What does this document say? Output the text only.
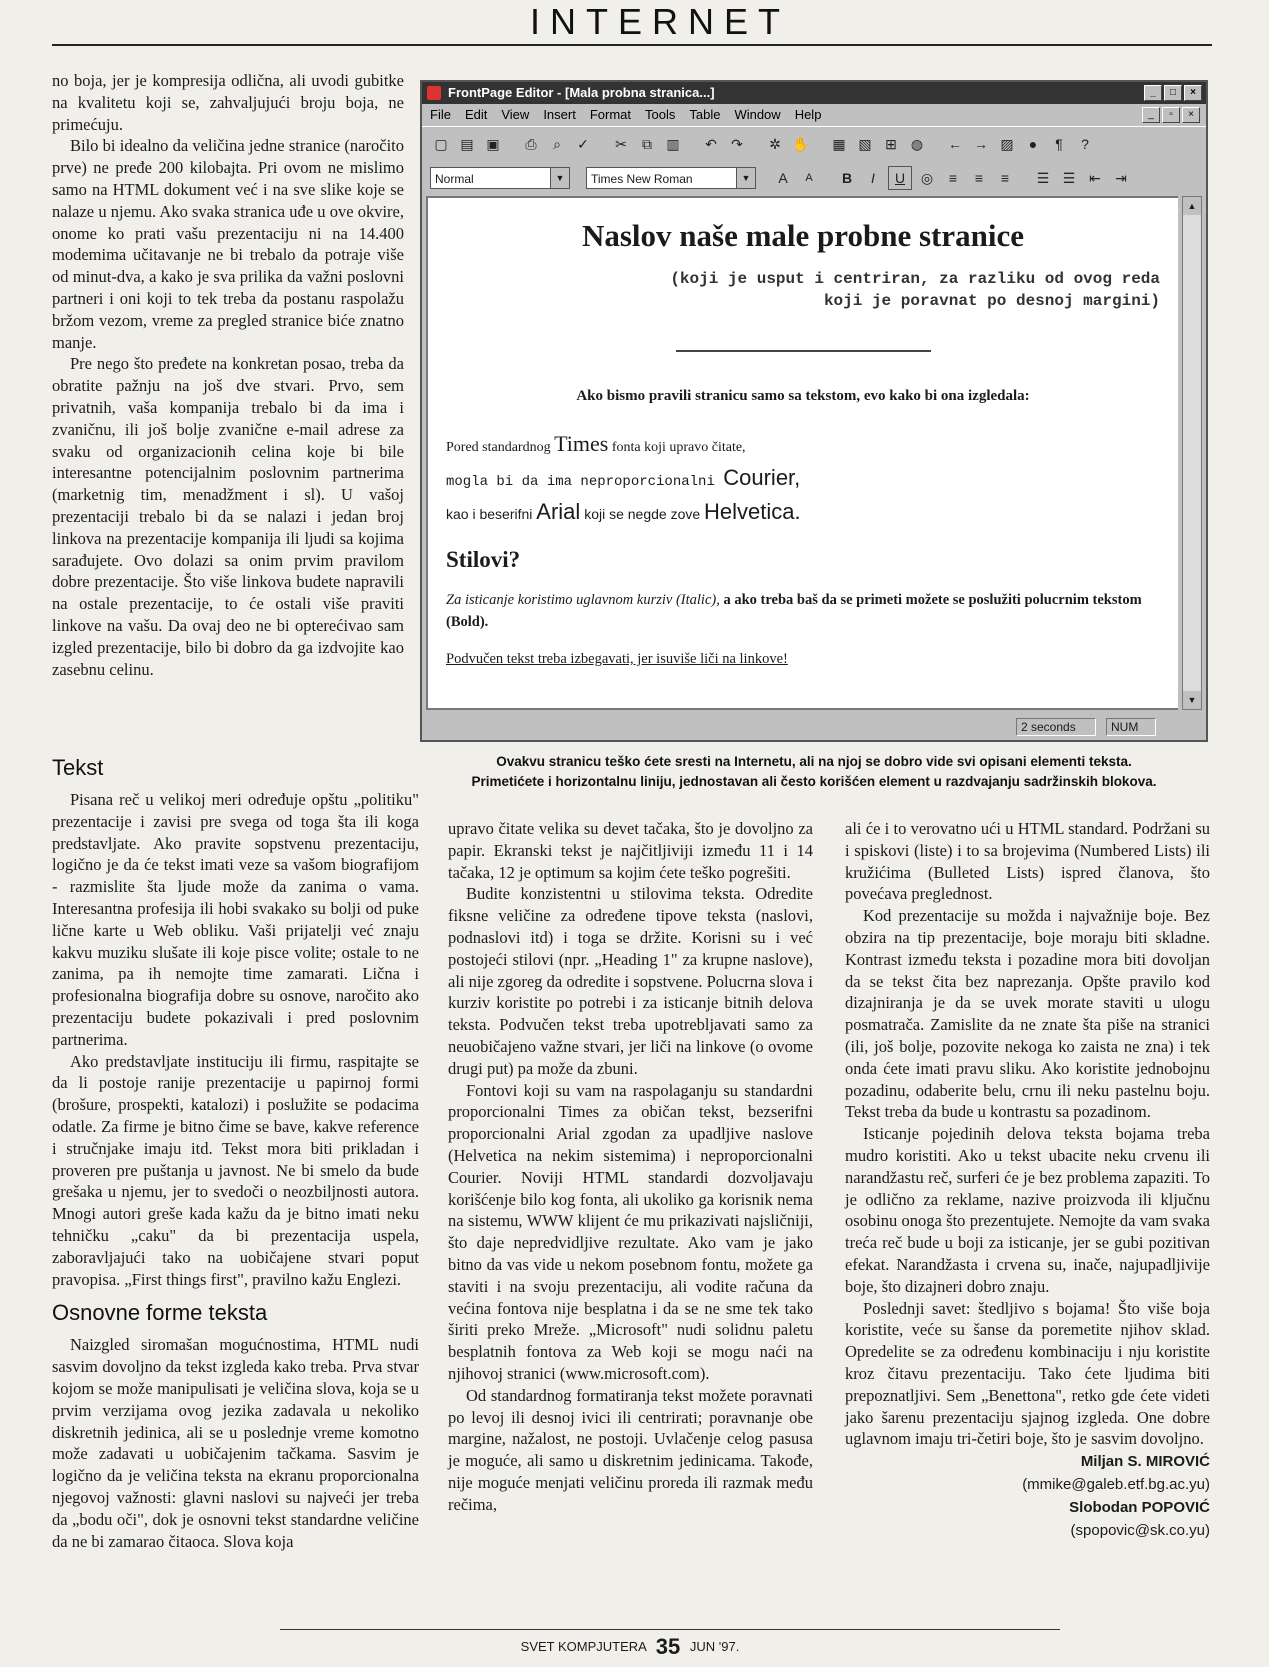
INTERNET

no boja, jer je kompresija odlična, ali uvodi gubitke na kvalitetu koji se, zahvaljujući broju boja, ne primećuju.

Bilo bi idealno da veličina jedne stranice (naročito prve) ne pređe 200 kilobajta. Pri ovom ne mislimo samo na HTML dokument već i na sve slike koje se nalaze u njemu. Ako svaka stranica uđe u ove okvire, onome ko prati vašu prezentaciju ni na 14.400 modemima učitavanje ne bi trebalo da potraje više od minut-dva, a kako je sva prilika da važni poslovni partneri i oni koji to tek treba da postanu raspolažu bržom vezom, vreme za pregled stranice biće znatno manje.

Pre nego što pređete na konkretan posao, treba da obratite pažnju na još dve stvari. Prvo, sem privatnih, vaša kompanija trebalo bi da ima i zvaničnu, ili još bolje zvanične e-mail adrese za svaku od organizacionih celina koje bi bile interesantne potencijalnim poslovnim partnerima (marketnig tim, menadžment i sl). U vašoj prezentaciji trebalo bi da se nalazi i jedan broj linkova na prezentacije kompanija ili ljudi sa kojima sarađujete. Ovo dolazi sa onim prvim pravilom dobre prezentacije. Što više linkova budete napravili na ostale prezentacije, to će ostali više praviti linkove na vašu. Da ovaj deo ne bi opterećivao sam izgled prezentacije, bilo bi dobro da ga izdvojite kao zasebnu celinu.

Tekst

Pisana reč u velikoj meri određuje opštu „politiku" prezentacije i zavisi pre svega od toga šta ili koga predstavljate. Ako pravite sopstvenu prezentaciju, logično je da će tekst imati veze sa vašom biografijom - razmislite šta ljude može da zanima o vama. Interesantna profesija ili hobi svakako su bolji od puke lične karte u Web obliku. Vaši prijatelji već znaju kakvu muziku slušate ili koje pisce volite; ostale to ne zanima, pa ih nemojte time zamarati. Lična i profesionalna biografija dobre su osnove, naročito ako prezentaciju budete pokazivali i pred poslovnim partnerima.

Ako predstavljate instituciju ili firmu, raspitajte se da li postoje ranije prezentacije u papirnoj formi (brošure, prospekti, katalozi) i poslužite se podacima odatle. Za firme je bitno čime se bave, kakve reference i stručnjake imaju itd. Tekst mora biti prikladan i proveren pre puštanja u javnost. Ne bi smelo da bude grešaka u njemu, jer to svedoči o neozbiljnosti autora. Mnogi autori greše kada kažu da je bitno imati neku tehničku „caku" da bi prezentacija uspela, zaboravljajući tako na uobičajene stvari poput pravopisa. „First things first", pravilno kažu Englezi.

Osnovne forme teksta

Naizgled siromašan mogućnostima, HTML nudi sasvim dovoljno da tekst izgleda kako treba. Prva stvar kojom se može manipulisati je veličina slova, koja se u prvim verzijama ovog jezika zadavala u nekoliko diskretnih jedinica, ali se u poslednje vreme komotno može zadavati u uobičajenim tačkama. Sasvim je logično da je veličina teksta na ekranu proporcionalna njegovoj važnosti: glavni naslovi su najveći jer treba da „bodu oči", dok je osnovni tekst standardne veličine da ne bi zamarao čitaoca. Slova koja

upravo čitate velika su devet tačaka, što je dovoljno za papir. Ekranski tekst je najčitljiviji između 11 i 14 tačaka, 12 je optimum sa kojim ćete teško pogrešiti.

Budite konzistentni u stilovima teksta. Odredite fiksne veličine za određene tipove teksta (naslovi, podnaslovi itd) i toga se držite. Korisni su i već postojeći stilovi (npr. „Heading 1" za krupne naslove), ali nije zgoreg da odredite i sopstvene. Polucrna slova i kurziv koristite po potrebi i za isticanje bitnih delova teksta. Podvučen tekst treba upotrebljavati samo za neuobičajeno važne stvari, jer liči na linkove (o ovome drugi put) pa može da zbuni.

Fontovi koji su vam na raspolaganju su standardni proporcionalni Times za običan tekst, bezserifni proporcionalni Arial zgodan za upadljive naslove (Helvetica na nekim sistemima) i neproporcionalni Courier. Noviji HTML standardi dozvoljavaju korišćenje bilo kog fonta, ali ukoliko ga korisnik nema na sistemu, WWW klijent će mu prikazivati najsličniji, što daje nepredvidljive rezultate. Ako vam je jako bitno da vas vide u nekom posebnom fontu, možete ga staviti i na svoju prezentaciju, ali vodite računa da većina fontova nije besplatna i da se ne sme tek tako širiti preko Mreže. „Microsoft" nudi solidnu paletu besplatnih fontova za Web koji se mogu naći na njihovoj stranici (www.microsoft.com).

Od standardnog formatiranja tekst možete poravnati po levoj ili desnoj ivici ili centrirati; poravnanje obe margine, nažalost, ne postoji. Uvlačenje celog pasusa je moguće, ali samo u diskretnim jedinicama. Takođe, nije moguće menjati veličinu proreda ili razmak među rečima,

ali će i to verovatno ući u HTML standard. Podržani su i spiskovi (liste) i to sa brojevima (Numbered Lists) ili kružićima (Bulleted Lists) ispred članova, što povećava preglednost.

Kod prezentacije su možda i najvažnije boje. Bez obzira na tip prezentacije, boje moraju biti skladne. Kontrast između teksta i pozadine mora biti dovoljan da se tekst čita bez naprezanja. Opšte pravilo kod dizajniranja je da se uvek morate staviti u ulogu posmatrača. Zamislite da ne znate šta piše na stranici (ili, još bolje, pozovite nekoga ko zaista ne zna) i tek onda ćete imati pravu sliku. Ako koristite jednobojnu pozadinu, odaberite belu, crnu ili neku pastelnu boju. Tekst treba da bude u kontrastu sa pozadinom.

Isticanje pojedinih delova teksta bojama treba mudro koristiti. Ako u tekst ubacite neku crvenu ili narandžastu reč, surferi će je bez problema zapaziti. To je odlično za reklame, nazive proizvoda ili ključnu osobinu onoga što prezentujete. Nemojte da vam svaka treća reč bude u boji za isticanje, jer se gubi pozitivan efekat. Narandžasta i crvena su, inače, najupadljivije boje, što dizajneri dobro znaju.

Poslednji savet: štedljivo s bojama! Što više boja koristite, veće su šanse da poremetite njihov sklad. Opredelite se za određenu kombinaciju i nju koristite kroz čitavu prezentaciju. Tako ćete ljudima biti prepoznatljivi. Sem „Benettona", retko gde ćete videti jako šarenu prezentaciju sjajnog izgleda. One dobre uglavnom imaju tri-četiri boje, što je sasvim dovoljno.

Miljan S. MIROVIĆ
(mmike@galeb.etf.bg.ac.yu)
Slobodan POPOVIĆ
(spopovic@sk.co.yu)
FrontPage Editor - [Mala probna stranica...]	_	□	×
File Edit View Insert Format Tools Table Window Help	_	▫	×
▢ ▤ ▣	⎙	⌕	✓	✂	⧉	▥	↶	↷	✲ ✋	▦ ▧ ⊞	◍	← → ▨	●	¶	?
Normal	▼	Times New Roman	▼	A	A	B	I	U	◎	≡	≡	≡	☰ ☰ ⇤	⇥
Naslov naše male probne stranice
(koji je usput i centriran, za razliku od ovog reda
koji je poravnat po desnoj margini)
Ako bismo pravili stranicu samo sa tekstom, evo kako bi ona izgledala:
Pored standardnog Times fonta koji upravo čitate,
mogla bi da ima neproporcionalni Courier,
kao i beserifni Arial koji se negde zove Helvetica.
Stilovi?
Za isticanje koristimo uglavnom kurziv (Italic), a ako treba baš da se primeti možete se poslužiti polucrnim tekstom (Bold).
Podvučen tekst treba izbegavati, jer isuviše liči na linkove!
▲
▼
2 seconds	NUM
Ovakvu stranicu teško ćete sresti na Internetu, ali na njoj se dobro vide svi opisani elementi teksta.
Primetićete i horizontalnu liniju, jednostavan ali često korišćen element u razdvajanju sadržinskih blokova.
SVET KOMPJUTERA 35 JUN '97.
